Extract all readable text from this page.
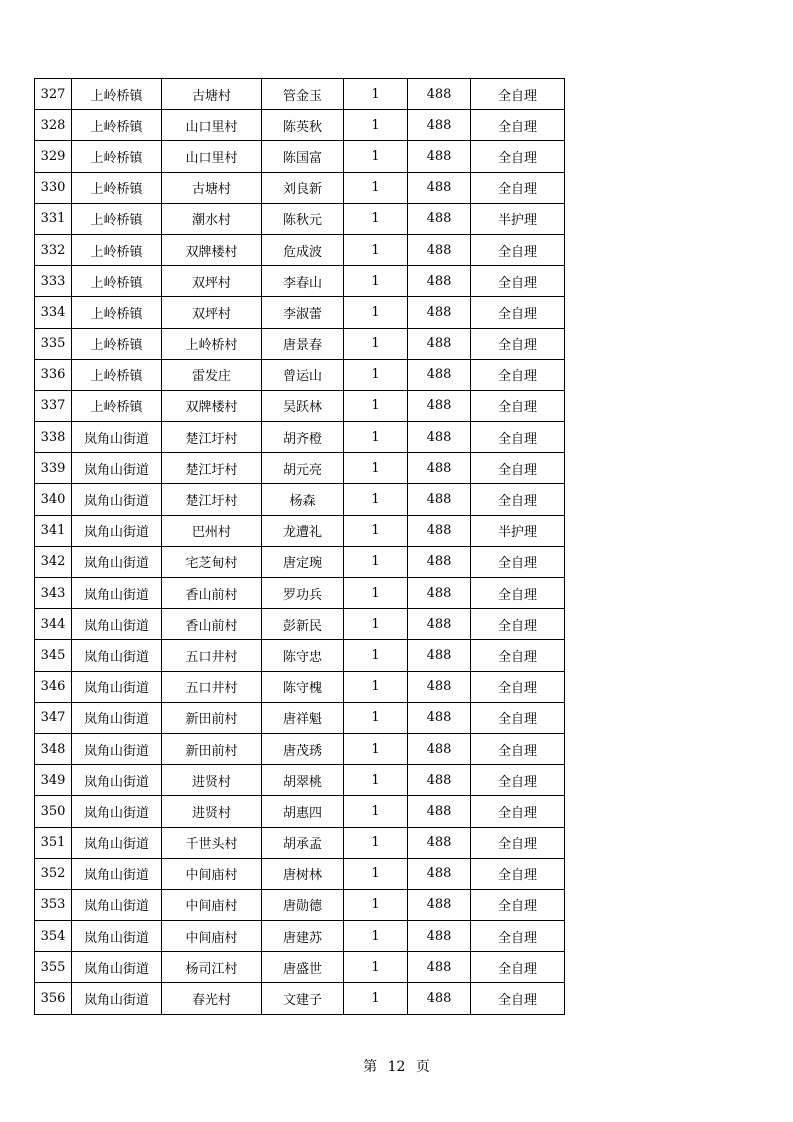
327	上岭桥镇	古塘村	管金玉	1	488	全自理
328	上岭桥镇	山口里村	陈英秋	1	488	全自理
329	上岭桥镇	山口里村	陈国富	1	488	全自理
330	上岭桥镇	古塘村	刘良新	1	488	全自理
331	上岭桥镇	潮水村	陈秋元	1	488	半护理
332	上岭桥镇	双牌楼村	危成波	1	488	全自理
333	上岭桥镇	双坪村	李春山	1	488	全自理
334	上岭桥镇	双坪村	李淑蕾	1	488	全自理
335	上岭桥镇	上岭桥村	唐景春	1	488	全自理
336	上岭桥镇	雷发庄	曾运山	1	488	全自理
337	上岭桥镇	双牌楼村	吴跃林	1	488	全自理
338	岚角山街道	楚江圩村	胡齐橙	1	488	全自理
339	岚角山街道	楚江圩村	胡元亮	1	488	全自理
340	岚角山街道	楚江圩村	杨森	1	488	全自理
341	岚角山街道	巴州村	龙遭礼	1	488	半护理
342	岚角山街道	宅芝甸村	唐定琬	1	488	全自理
343	岚角山街道	香山前村	罗功兵	1	488	全自理
344	岚角山街道	香山前村	彭新民	1	488	全自理
345	岚角山街道	五口井村	陈守忠	1	488	全自理
346	岚角山街道	五口井村	陈守槐	1	488	全自理
347	岚角山街道	新田前村	唐祥魁	1	488	全自理
348	岚角山街道	新田前村	唐茂琇	1	488	全自理
349	岚角山街道	进贤村	胡翠桃	1	488	全自理
350	岚角山街道	进贤村	胡惠四	1	488	全自理
351	岚角山街道	千世头村	胡承孟	1	488	全自理
352	岚角山街道	中间庙村	唐树林	1	488	全自理
353	岚角山街道	中间庙村	唐勋德	1	488	全自理
354	岚角山街道	中间庙村	唐建苏	1	488	全自理
355	岚角山街道	杨司江村	唐盛世	1	488	全自理
356	岚角山街道	春光村	文建子	1	488	全自理
第 12 页
